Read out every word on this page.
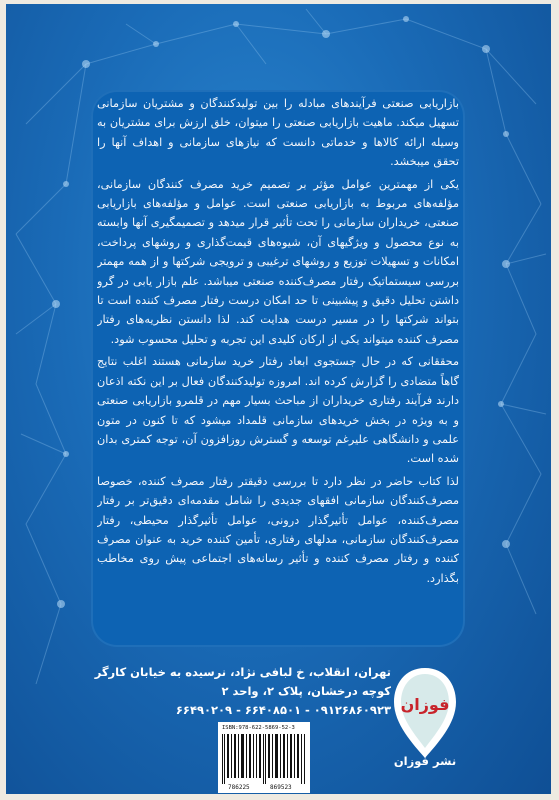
بازاریابی صنعتی فرآیندهای مبادله را بین تولیدکنندگان و مشتریان سازمانی تسهیل میکند. ماهیت بازاریابی صنعتی را میتوان، خلق ارزش برای مشتریان به وسیله ارائه کالاها و خدماتی دانست که نیازهای سازمانی و اهداف آنها را تحقق میبخشد.

یکی از مهمترین عوامل مؤثر بر تصمیم خرید مصرف کنندگان سازمانی، مؤلفه‌های مربوط به بازاریابی صنعتی است. عوامل و مؤلفه‌های بازاریابی صنعتی، خریداران سازمانی را تحت تأثیر قرار میدهد و تصمیمگیری آنها وابسته به نوع محصول و ویژگیهای آن، شیوه‌های قیمت‌گذاری و روشهای پرداخت، امکانات و تسهیلات توزیع و روشهای ترغیبی و ترویجی شرکتها و از همه مهمتر بررسی سیستماتیک رفتار مصرف‌کننده صنعتی میباشد. علم بازار یابی در گرو داشتن تحلیل دقیق و پیشبینی تا حد امکان درست رفتار مصرف کننده است تا بتواند شرکتها را در مسیر درست هدایت کند. لذا دانستن نظریه‌های رفتار مصرف کننده میتواند یکی از ارکان کلیدی این تجربه و تحلیل محسوب شود.

محققانی که در حال جستجوی ابعاد رفتار خرید سازمانی هستند اغلب نتایج گاهاً متضادی را گزارش کرده اند. امروزه تولیدکنندگان فعال بر این نکته اذعان دارند فرآیند رفتاری خریداران از مباحث بسیار مهم در قلمرو بازاریابی صنعتی و به ویژه در بخش خریدهای سازمانی قلمداد میشود که تا کنون در متون علمی و دانشگاهی علیرغم توسعه و گسترش روزافزون آن، توجه کمتری بدان شده است.

لذا کتاب حاضر در نظر دارد تا بررسی دقیقتر رفتار مصرف کننده، خصوصا مصرف‌کنندگان سازمانی افقهای جدیدی را شامل مقدمه‌ای دقیق‌تر بر رفتار مصرف‌کننده، عوامل تأثیرگذار درونی، عوامل تأثیرگذار محیطی، رفتار مصرف‌کنندگان سازمانی، مدلهای رفتاری، تأمین کننده خرید به عنوان مصرف کننده و رفتار مصرف کننده و تأثیر رسانه‌های اجتماعی پیش روی مخاطب بگذارد.

تهران، انقلاب، خ لبافی نژاد، نرسیده به خیابان کارگر
کوچه درخشان، پلاک ۲، واحد ۲
۰۹۱۲۶۸۶۰۹۲۳ - ۶۶۴۰۸۵۰۱ - ۶۶۴۹۰۲۰۹ فوزان
نشر فوزان
ISBN:978-622-5869-52-3
786225	869523
